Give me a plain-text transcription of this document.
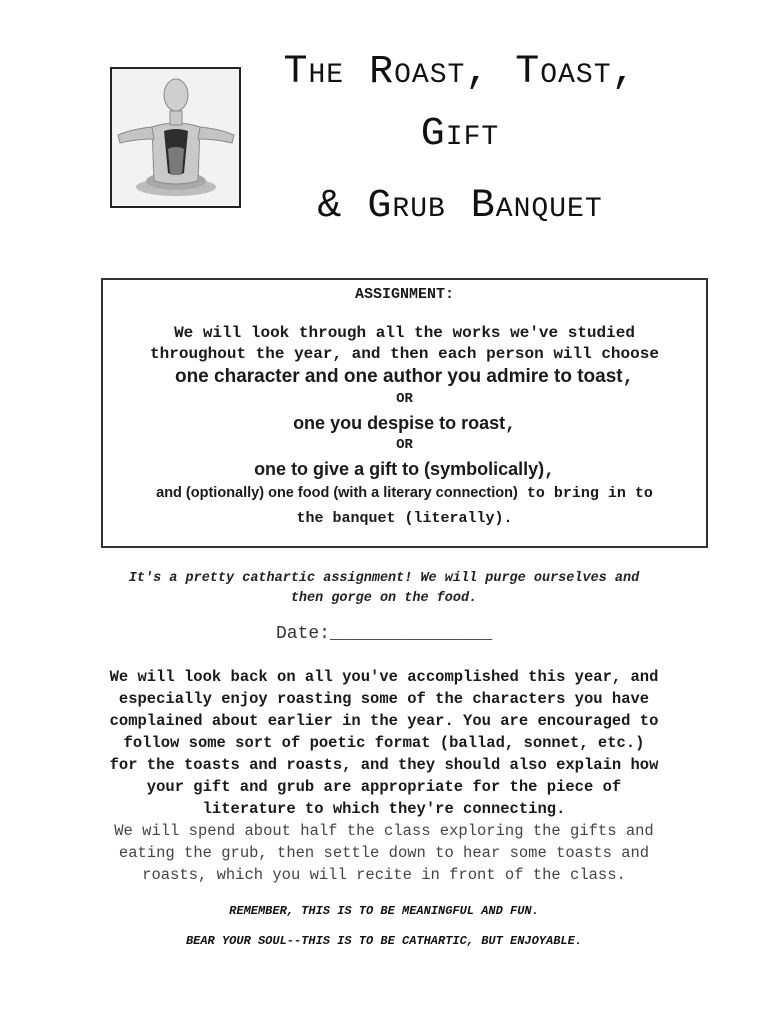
The Roast, Toast,
Gift
& Grub Banquet
ASSIGNMENT:
We will look through all the works we've studied
throughout the year, and then each person will choose
one character and one author you admire to toast,
OR
one you despise to roast,
OR
one to give a gift to (symbolically),
and (optionally) one food (with a literary connection) to bring in to
the banquet (literally).
It's a pretty cathartic assignment! We will purge ourselves and
then gorge on the food.
Date:_______________
We will look back on all you've accomplished this year, and
especially enjoy roasting some of the characters you have
complained about earlier in the year. You are encouraged to
follow some sort of poetic format (ballad, sonnet, etc.)
for the toasts and roasts, and they should also explain how
your gift and grub are appropriate for the piece of
literature to which they're connecting.
We will spend about half the class exploring the gifts and
eating the grub, then settle down to hear some toasts and
roasts, which you will recite in front of the class.
REMEMBER, THIS IS TO BE MEANINGFUL AND FUN.
BEAR YOUR SOUL--THIS IS TO BE CATHARTIC, BUT ENJOYABLE.
